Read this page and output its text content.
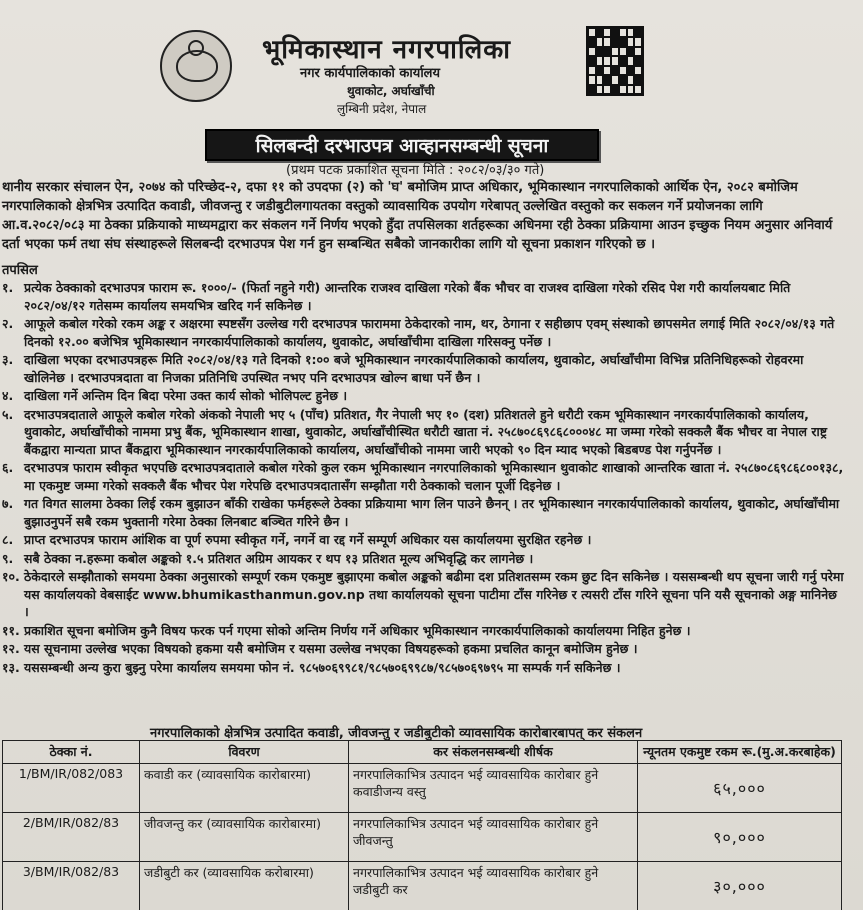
भूमिकास्थान नगरपालिका
नगर कार्यपालिकाको कार्यालय
थुवाकोट, अर्घाखाँची
लुम्बिनी प्रदेश, नेपाल
सिलबन्दी दरभाउपत्र आव्हानसम्बन्धी सूचना
(प्रथम पटक प्रकाशित सूचना मिति : २०८२/०३/३० गते)
थानीय सरकार संचालन ऐन, २०७४ को परिच्छेद-२, दफा ११ को उपदफा (२) को 'घ' बमोजिम प्राप्त अधिकार, भूमिकास्थान नगरपालिकाको आर्थिक ऐन, २०८२ बमोजिम नगरपालिकाको क्षेत्रभित्र उत्पादित कवाडी, जीवजन्तु र जडीबुटीलगायतका वस्तुको व्यावसायिक उपयोग गरेबापत् उल्लेखित वस्तुको कर सकलन गर्ने प्रयोजनका लागि आ.व.२०८२/०८३ मा ठेक्का प्रक्रियाको माध्यमद्वारा कर संकलन गर्ने निर्णय भएको हुँदा तपसिलका शर्तहरूका अधिनमा रही ठेक्का प्रक्रियामा आउन इच्छुक नियम अनुसार अनिवार्य दर्ता भएका फर्म तथा संघ संस्थाहरूले सिलबन्दी दरभाउपत्र पेश गर्न हुन सम्बन्धित सबैको जानकारीका लागि यो सूचना प्रकाशन गरिएको छ ।
तपसिल
१. प्रत्येक ठेक्काको दरभाउपत्र फाराम रू. १०००/- (फिर्ता नहुने गरी) आन्तरिक राजश्व दाखिला गरेको बैंक भौचर वा राजश्व दाखिला गरेको रसिद पेश गरी कार्यालयबाट मिति २०८२/०४/१२ गतेसम्म कार्यालय समयभित्र खरिद गर्न सकिनेछ ।
२. आफूले कबोल गरेको रकम अङ्क र अक्षरमा स्पष्टसँग उल्लेख गरी दरभाउपत्र फाराममा ठेकेदारको नाम, थर, ठेगाना र सहीछाप एवम् संस्थाको छापसमेत लगाई मिति २०८२/०४/१३ गते दिनको १२.०० बजेभित्र भूमिकास्थान नगरकार्यपालिकाको कार्यालय, थुवाकोट, अर्घाखाँचीमा दाखिला गरिसक्नु पर्नेछ ।
३. दाखिला भएका दरभाउपत्रहरू मिति २०८२/०४/१३ गते दिनको १:०० बजे भूमिकास्थान नगरकार्यपालिकाको कार्यालय, थुवाकोट, अर्घाखाँचीमा विभिन्न प्रतिनिधिहरूको रोहवरमा खोलिनेछ । दरभाउपत्रदाता वा निजका प्रतिनिधि उपस्थित नभए पनि दरभाउपत्र खोल्न बाधा पर्ने छैन ।
४. दाखिला गर्ने अन्तिम दिन बिदा परेमा उक्त कार्य सोको भोलिपल्ट हुनेछ ।
५. दरभाउपत्रदाताले आफूले कबोल गरेको अंकको नेपाली भए ५ (पाँच) प्रतिशत, गैर नेपाली भए १० (दश) प्रतिशतले हुने धरौटी रकम भूमिकास्थान नगरकार्यपालिकाको कार्यालय, थुवाकोट, अर्घाखाँचीको नाममा प्रभु बैंक, भूमिकास्थान शाखा, थुवाकोट, अर्घाखाँचीस्थित धरौटी खाता नं. २५८७०८६९८६८०००४८ मा जम्मा गरेको सक्कलै बैंक भौचर वा नेपाल राष्ट्र बैंकद्वारा मान्यता प्राप्त बैंकद्वारा भूमिकास्थान नगरकार्यपालिकाको कार्यालय, अर्घाखाँचीको नाममा जारी भएको ९० दिन म्याद भएको बिडबण्ड पेश गर्नुपर्नेछ ।
६. दरभाउपत्र फाराम स्वीकृत भएपछि दरभाउपत्रदाताले कबोल गरेको कुल रकम भूमिकास्थान नगरपालिकाको भूमिकास्थान थुवाकोट शाखाको आन्तरिक खाता नं. २५८७०८६९८६८००१३८, मा एकमुष्ट जम्मा गरेको सक्कलै बैंक भौचर पेश गरेपछि दरभाउपत्रदातासँग सम्झौता गरी ठेक्काको चलान पूर्जी दिइनेछ ।
७. गत विगत सालमा ठेक्का लिई रकम बुझाउन बाँकी राखेका फर्महरूले ठेक्का प्रक्रियामा भाग लिन पाउने छैनन् । तर भूमिकास्थान नगरकार्यपालिकाको कार्यालय, थुवाकोट, अर्घाखाँचीमा बुझाउनुपर्ने सबै रकम भुक्तानी गरेमा ठेक्का लिनबाट बञ्चित गरिने छैन ।
८. प्राप्त दरभाउपत्र फाराम आंशिक वा पूर्ण रुपमा स्वीकृत गर्ने, नगर्ने वा रद्द गर्ने सम्पूर्ण अधिकार यस कार्यालयमा सुरक्षित रहनेछ ।
९. सबै ठेक्का न.हरूमा कबोल अङ्कको १.५ प्रतिशत अग्रिम आयकर र थप १३ प्रतिशत मूल्य अभिवृद्धि कर लागनेछ ।
१०. ठेकेदारले सम्झौताको समयमा ठेक्का अनुसारको सम्पूर्ण रकम एकमुष्ट बुझाएमा कबोल अङ्कको बढीमा दश प्रतिशतसम्म रकम छुट दिन सकिनेछ । यससम्बन्धी थप सूचना जारी गर्नु परेमा यस कार्यालयको वेबसाईट www.bhumikasthanmun.gov.np तथा कार्यालयको सूचना पाटीमा टाँस गरिनेछ र त्यसरी टाँस गरिने सूचना पनि यसै सूचनाको अङ्ग मानिनेछ ।
११. प्रकाशित सूचना बमोजिम कुनै विषय फरक पर्न गएमा सोको अन्तिम निर्णय गर्ने अधिकार भूमिकास्थान नगरकार्यपालिकाको कार्यालयमा निहित हुनेछ ।
१२. यस सूचनामा उल्लेख भएका विषयको हकमा यसै बमोजिम र यसमा उल्लेख नभएका विषयहरूको हकमा प्रचलित कानून बमोजिम हुनेछ ।
१३. यससम्बन्धी अन्य कुरा बुझ्नु परेमा कार्यालय समयमा फोन नं. ९८५७०६९९८१/९८५७०६९९८७/९८५७०६९७९५ मा सम्पर्क गर्न सकिनेछ ।
नगरपालिकाको क्षेत्रभित्र उत्पादित कवाडी, जीवजन्तु र जडीबुटीको व्यावसायिक कारोबारबापत् कर संकलन
ठेक्का नं.	विवरण	कर संकलनसम्बन्धी शीर्षक	न्यूनतम एकमुष्ट रकम रू.(मु.अ.करबाहेक)
1/BM/IR/082/083	कवाडी कर (व्यावसायिक कारोबारमा)	नगरपालिकाभित्र उत्पादन भई व्यावसायिक कारोबार हुने कवाडीजन्य वस्तु	६५,०००
2/BM/IR/082/83	जीवजन्तु कर (व्यावसायिक कारोबारमा)	नगरपालिकाभित्र उत्पादन भई व्यावसायिक कारोबार हुने जीवजन्तु	९०,०००
3/BM/IR/082/83	जडीबुटी कर (व्यावसायिक करोबारमा)	नगरपालिकाभित्र उत्पादन भई व्यावसायिक कारोबार हुने जडीबुटी कर	३०,०००
